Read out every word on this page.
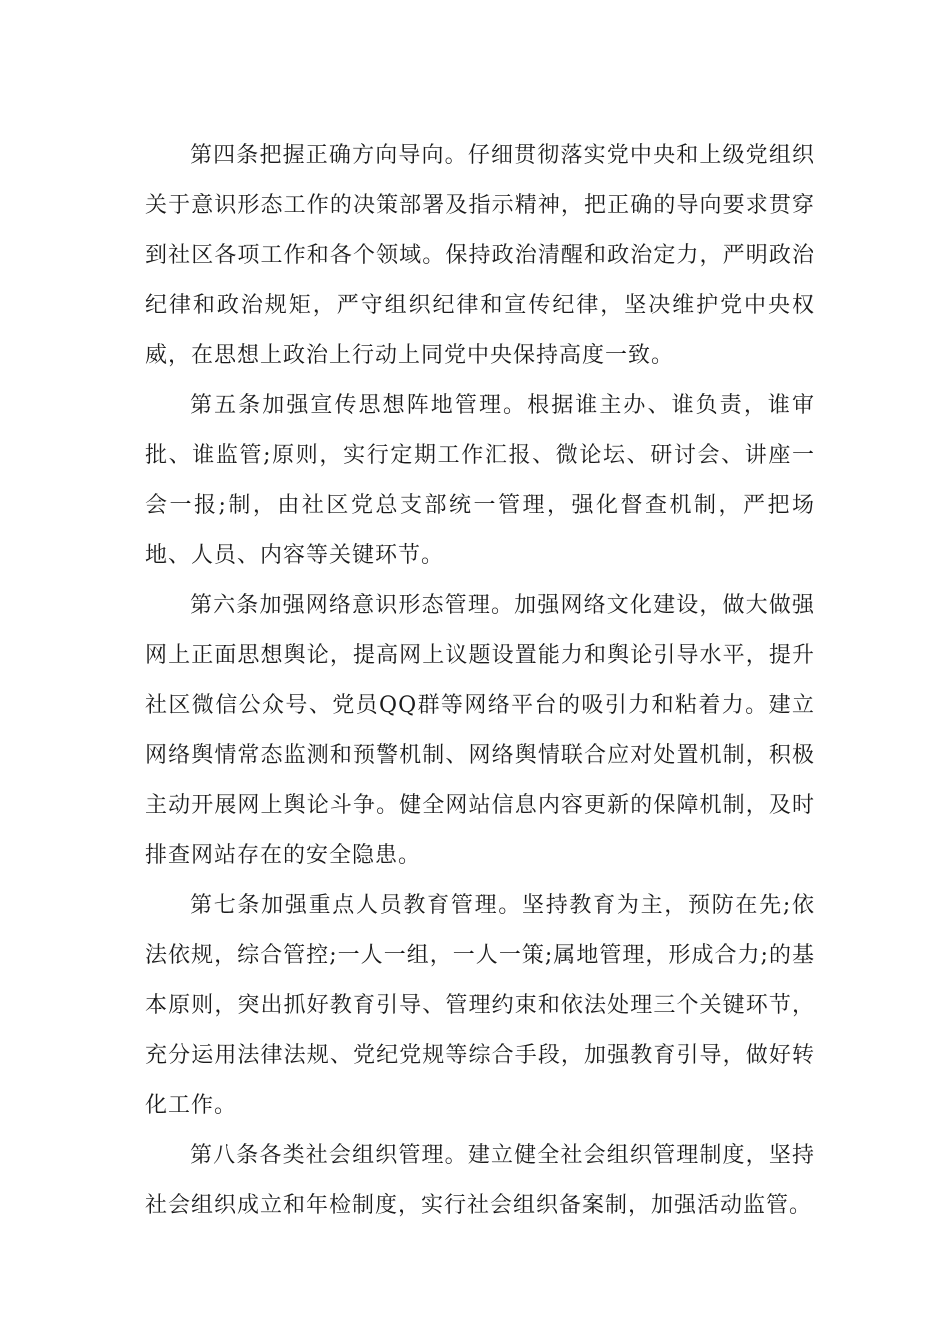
第四条把握正确方向导向。仔细贯彻落实党中央和上级党组织关于意识形态工作的决策部署及指示精神，把正确的导向要求贯穿到社区各项工作和各个领域。保持政治清醒和政治定力，严明政治纪律和政治规矩，严守组织纪律和宣传纪律，坚决维护党中央权威，在思想上政治上行动上同党中央保持高度一致。

第五条加强宣传思想阵地管理。根据谁主办、谁负责，谁审批、谁监管;原则，实行定期工作汇报、微论坛、研讨会、讲座一会一报;制，由社区党总支部统一管理，强化督查机制，严把场地、人员、内容等关键环节。

第六条加强网络意识形态管理。加强网络文化建设，做大做强网上正面思想舆论，提高网上议题设置能力和舆论引导水平，提升社区微信公众号、党员QQ群等网络平台的吸引力和粘着力。建立网络舆情常态监测和预警机制、网络舆情联合应对处置机制，积极主动开展网上舆论斗争。健全网站信息内容更新的保障机制，及时排查网站存在的安全隐患。

第七条加强重点人员教育管理。坚持教育为主，预防在先;依法依规，综合管控;一人一组，一人一策;属地管理，形成合力;的基本原则，突出抓好教育引导、管理约束和依法处理三个关键环节，充分运用法律法规、党纪党规等综合手段，加强教育引导，做好转化工作。

第八条各类社会组织管理。建立健全社会组织管理制度，坚持社会组织成立和年检制度，实行社会组织备案制，加强活动监管。
